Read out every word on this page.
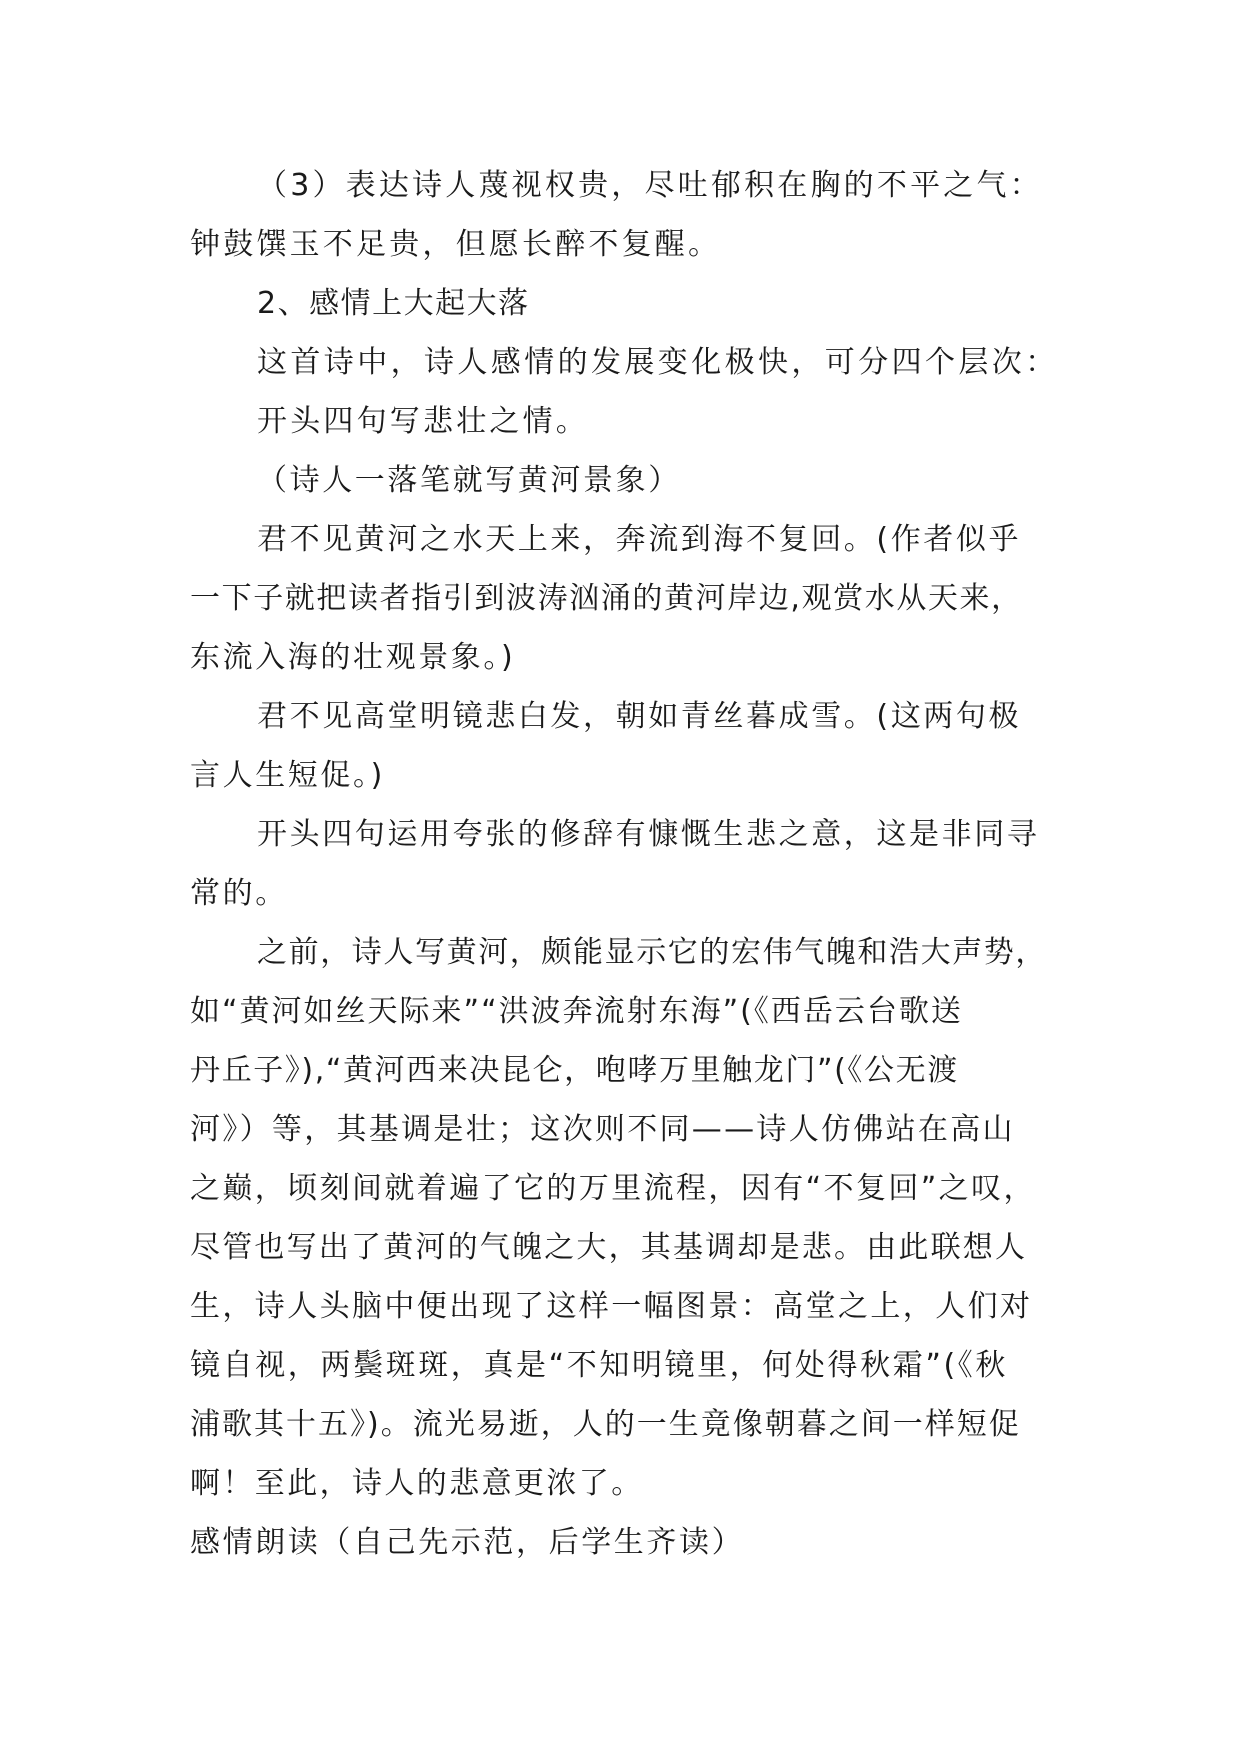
（3）表达诗人蔑视权贵，尽吐郁积在胸的不平之气：
钟鼓馔玉不足贵，但愿长醉不复醒。
2、感情上大起大落
这首诗中，诗人感情的发展变化极快，可分四个层次：
开头四句写悲壮之情。
（诗人一落笔就写黄河景象）
君不见黄河之水天上来，奔流到海不复回。(作者似乎
一下子就把读者指引到波涛汹涌的黄河岸边,观赏水从天来，
东流入海的壮观景象。)
君不见高堂明镜悲白发，朝如青丝暮成雪。(这两句极
言人生短促。)
开头四句运用夸张的修辞有慷慨生悲之意，这是非同寻
常的。
之前，诗人写黄河，颇能显示它的宏伟气魄和浩大声势，
如“黄河如丝天际来”“洪波奔流射东海”(《西岳云台歌送
丹丘子》),“黄河西来决昆仑，咆哮万里触龙门”(《公无渡
河》）等，其基调是壮；这次则不同——诗人仿佛站在高山
之巅，顷刻间就着遍了它的万里流程，因有“不复回”之叹，
尽管也写出了黄河的气魄之大，其基调却是悲。由此联想人
生，诗人头脑中便出现了这样一幅图景：高堂之上，人们对
镜自视，两鬓斑斑，真是“不知明镜里，何处得秋霜”(《秋
浦歌其十五》)。流光易逝，人的一生竟像朝暮之间一样短促
啊！至此，诗人的悲意更浓了。
感情朗读（自己先示范，后学生齐读）
